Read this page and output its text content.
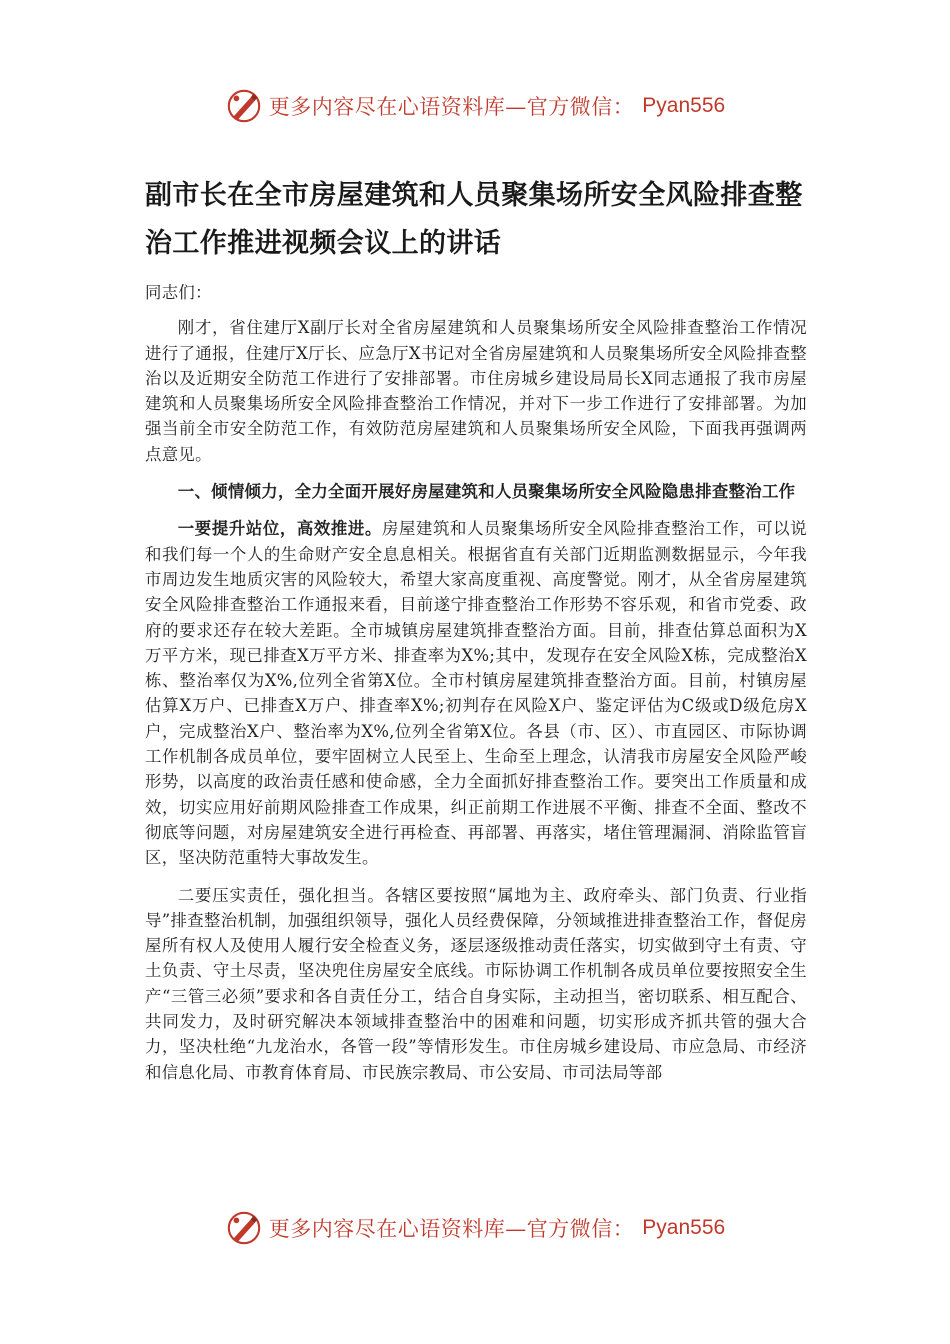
更多内容尽在心语资料库—官方微信： Pyan556
副市长在全市房屋建筑和人员聚集场所安全风险排查整治工作推进视频会议上的讲话

同志们：

刚才，省住建厅X副厅长对全省房屋建筑和人员聚集场所安全风险排查整治工作情况进行了通报，住建厅X厅长、应急厅X书记对全省房屋建筑和人员聚集场所安全风险排查整治以及近期安全防范工作进行了安排部署。市住房城乡建设局局长X同志通报了我市房屋建筑和人员聚集场所安全风险排查整治工作情况，并对下一步工作进行了安排部署。为加强当前全市安全防范工作，有效防范房屋建筑和人员聚集场所安全风险，下面我再强调两点意见。

一、倾情倾力，全力全面开展好房屋建筑和人员聚集场所安全风险隐患排查整治工作

一要提升站位，高效推进。房屋建筑和人员聚集场所安全风险排查整治工作，可以说和我们每一个人的生命财产安全息息相关。根据省直有关部门近期监测数据显示，今年我市周边发生地质灾害的风险较大，希望大家高度重视、高度警觉。刚才，从全省房屋建筑安全风险排查整治工作通报来看，目前遂宁排查整治工作形势不容乐观，和省市党委、政府的要求还存在较大差距。全市城镇房屋建筑排查整治方面。目前，排查估算总面积为X万平方米，现已排查X万平方米、排查率为X%;其中，发现存在安全风险X栋，完成整治X栋、整治率仅为X%,位列全省第X位。全市村镇房屋建筑排查整治方面。目前，村镇房屋估算X万户、已排查X万户、排查率X%;初判存在风险X户、鉴定评估为C级或D级危房X户，完成整治X户、整治率为X%,位列全省第X位。各县（市、区）、市直园区、市际协调工作机制各成员单位，要牢固树立人民至上、生命至上理念，认清我市房屋安全风险严峻形势，以高度的政治责任感和使命感，全力全面抓好排查整治工作。要突出工作质量和成效，切实应用好前期风险排查工作成果，纠正前期工作进展不平衡、排查不全面、整改不彻底等问题，对房屋建筑安全进行再检查、再部署、再落实，堵住管理漏洞、消除监管盲区，坚决防范重特大事故发生。

二要压实责任，强化担当。各辖区要按照“属地为主、政府牵头、部门负责、行业指导”排查整治机制，加强组织领导，强化人员经费保障，分领域推进排查整治工作，督促房屋所有权人及使用人履行安全检查义务，逐层逐级推动责任落实，切实做到守土有责、守土负责、守土尽责，坚决兜住房屋安全底线。市际协调工作机制各成员单位要按照安全生产“三管三必须”要求和各自责任分工，结合自身实际，主动担当，密切联系、相互配合、共同发力，及时研究解决本领域排查整治中的困难和问题，切实形成齐抓共管的强大合力，坚决杜绝“九龙治水，各管一段”等情形发生。市住房城乡建设局、市应急局、市经济和信息化局、市教育体育局、市民族宗教局、市公安局、市司法局等部

更多内容尽在心语资料库—官方微信： Pyan556
